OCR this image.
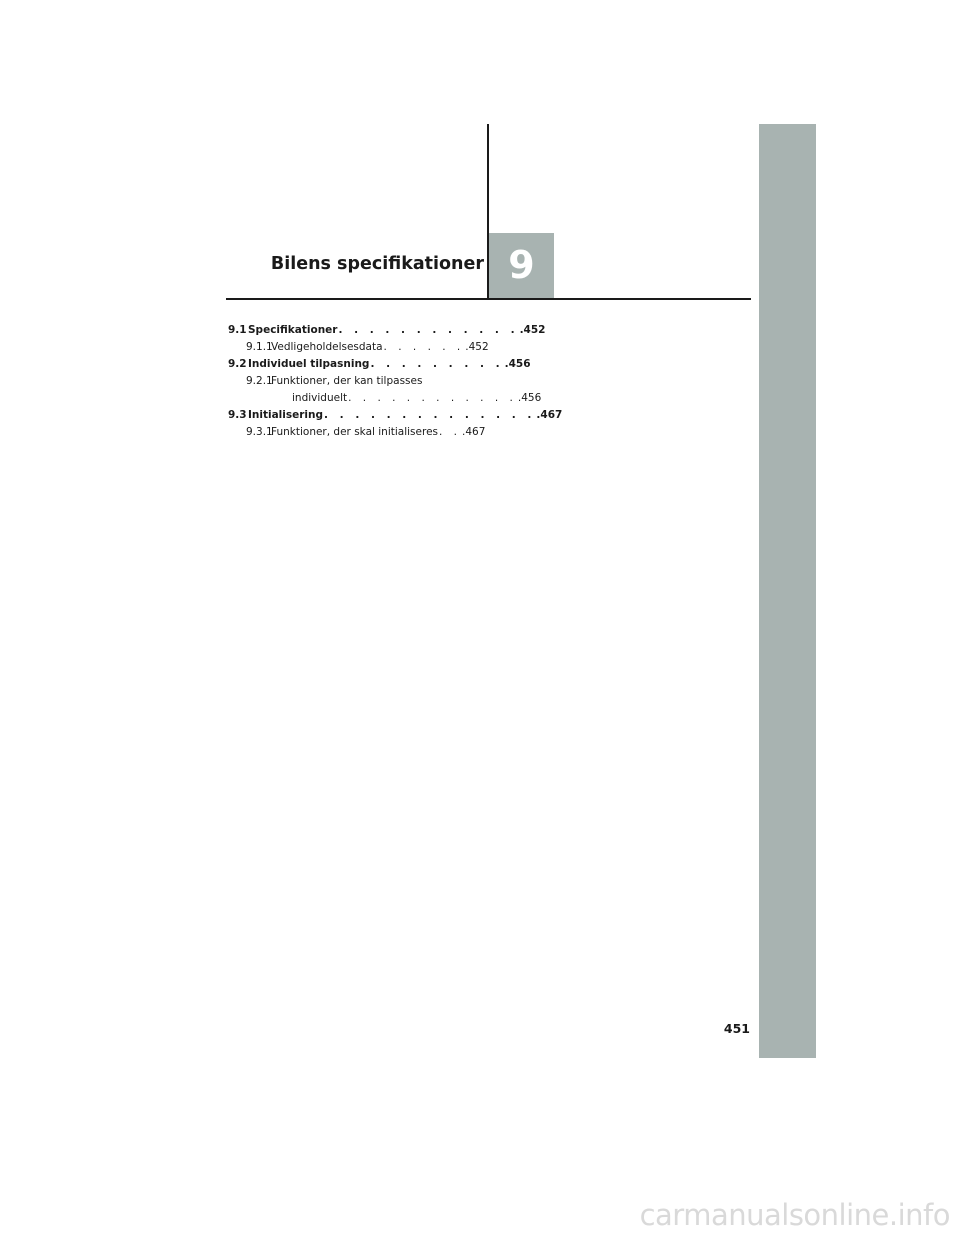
Bilens specifikationer 9
9.1 Specifikationer . . . . . . . . . . . . .452
9.1.1
Vedligeholdelsesdata . . . . . . .452
9.2 Individuel tilpasning . . . . . . . . . .456
9.2.1
Funktioner, der kan tilpasses
individuelt . . . . . . . . . . . . .456
9.3 Initialisering . . . . . . . . . . . . . . .467
9.3.1
Funktioner, der skal initialiseres . . .467
451
carmanualsonline.info
